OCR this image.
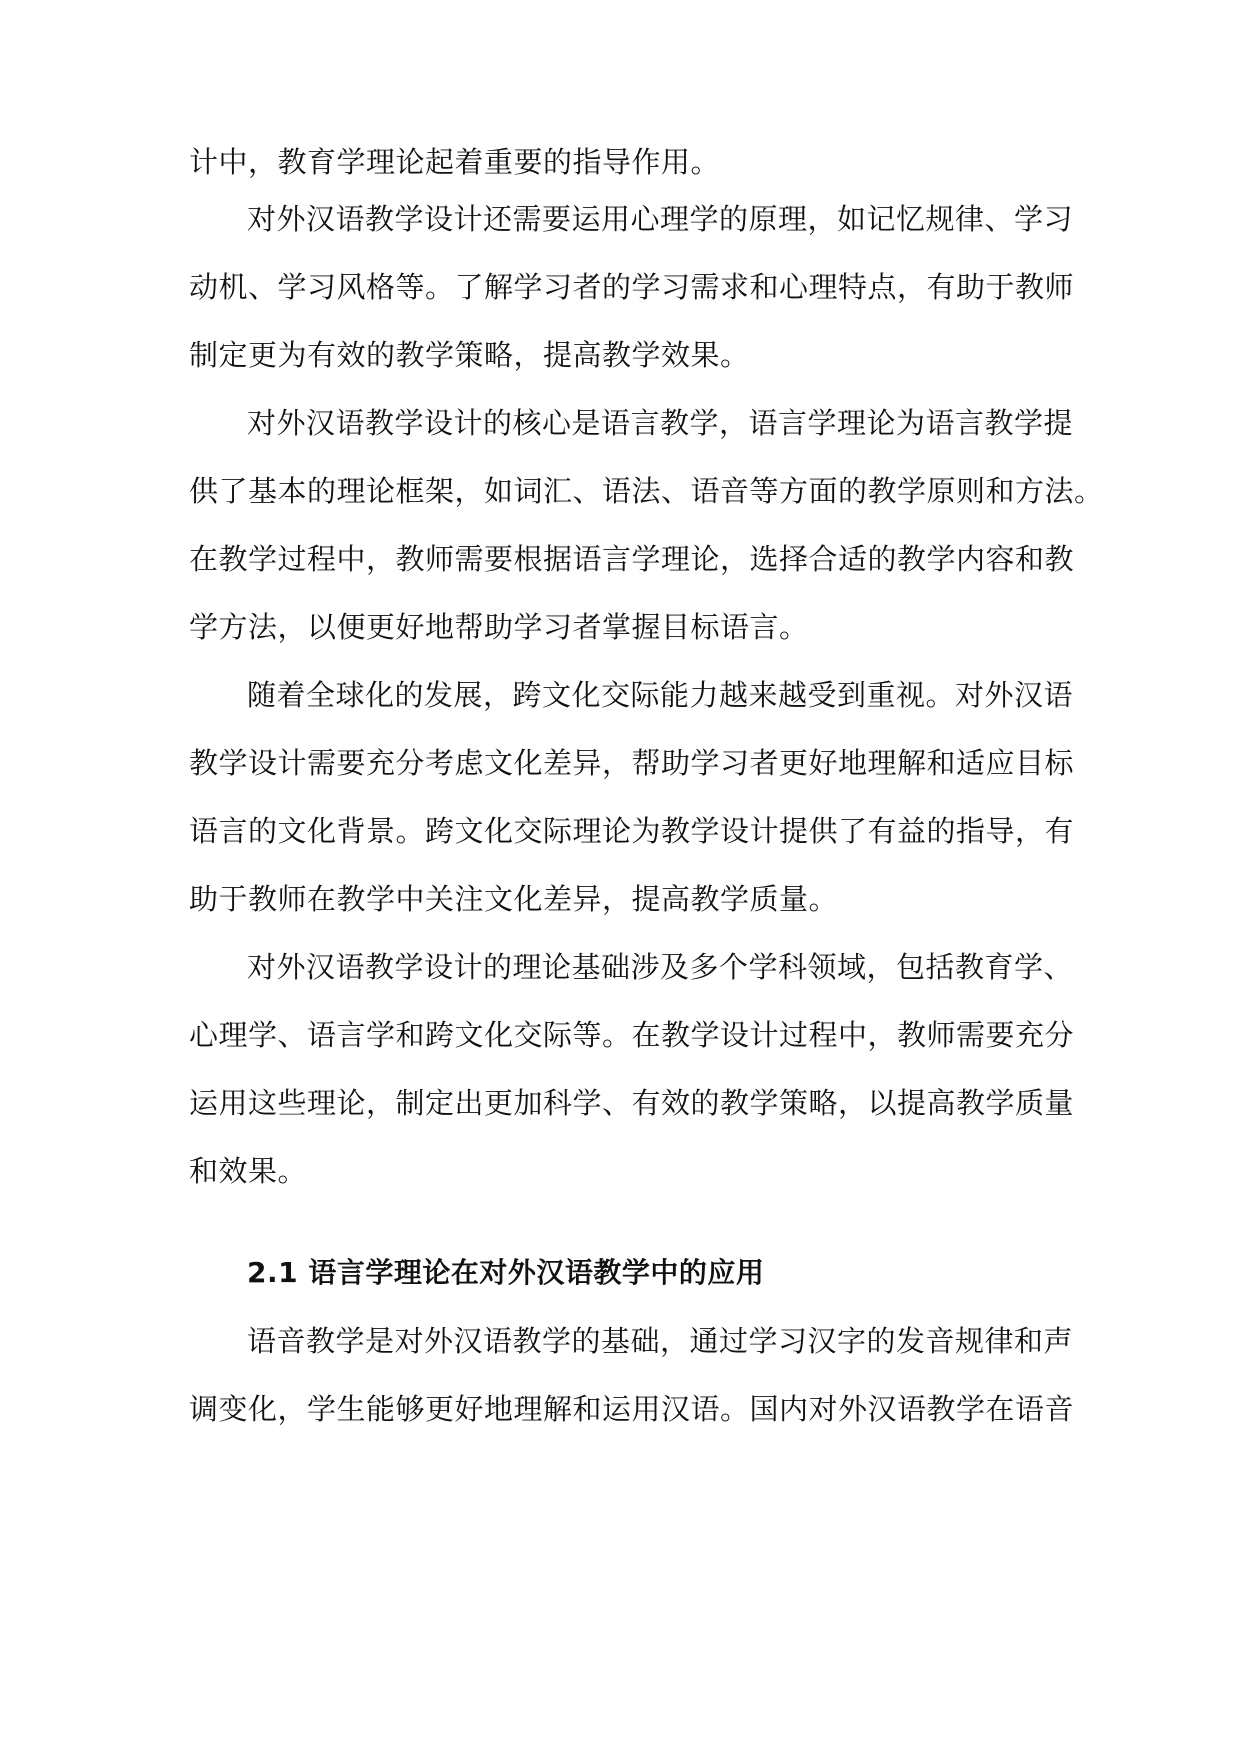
计中，教育学理论起着重要的指导作用。
对外汉语教学设计还需要运用心理学的原理，如记忆规律、学习
动机、学习风格等。了解学习者的学习需求和心理特点，有助于教师
制定更为有效的教学策略，提高教学效果。
对外汉语教学设计的核心是语言教学，语言学理论为语言教学提
供了基本的理论框架，如词汇、语法、语音等方面的教学原则和方法。
在教学过程中，教师需要根据语言学理论，选择合适的教学内容和教
学方法，以便更好地帮助学习者掌握目标语言。
随着全球化的发展，跨文化交际能力越来越受到重视。对外汉语
教学设计需要充分考虑文化差异，帮助学习者更好地理解和适应目标
语言的文化背景。跨文化交际理论为教学设计提供了有益的指导，有
助于教师在教学中关注文化差异，提高教学质量。
对外汉语教学设计的理论基础涉及多个学科领域，包括教育学、
心理学、语言学和跨文化交际等。在教学设计过程中，教师需要充分
运用这些理论，制定出更加科学、有效的教学策略，以提高教学质量
和效果。
2.1 语言学理论在对外汉语教学中的应用
语音教学是对外汉语教学的基础，通过学习汉字的发音规律和声
调变化，学生能够更好地理解和运用汉语。国内对外汉语教学在语音
